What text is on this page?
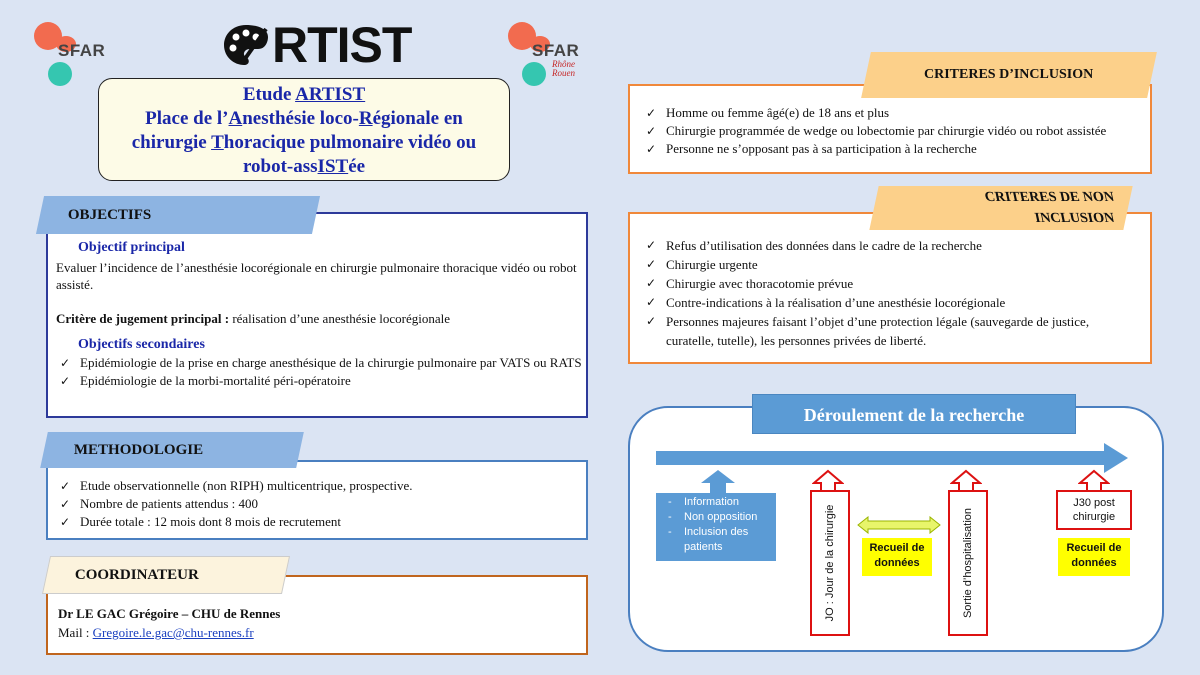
SFAR	RTIST	SFAR
Rhône Rouen
Etude ARTIST
Place de l’Anesthésie loco-Régionale en
chirurgie Thoracique pulmonaire vidéo ou
robot-assISTée
Objectif principal
Evaluer l’incidence de l’anesthésie locorégionale en chirurgie pulmonaire thoracique vidéo ou robot assisté.
Critère de jugement principal : réalisation d’une anesthésie locorégionale
Objectifs secondaires
✓ Epidémiologie de la prise en charge anesthésique de la chirurgie pulmonaire par VATS ou RATS
✓ Epidémiologie de la morbi-mortalité péri-opératoire
OBJECTIFS
✓ Etude observationnelle (non RIPH) multicentrique, prospective.
✓ Nombre de patients attendus : 400
✓ Durée totale : 12 mois dont 8 mois de recrutement
METHODOLOGIE
Dr LE GAC Grégoire – CHU de Rennes
Mail : Gregoire.le.gac@chu-rennes.fr
COORDINATEUR
✓ Homme ou femme âgé(e) de 18 ans et plus
✓ Chirurgie programmée de wedge ou lobectomie par chirurgie vidéo ou robot assistée
✓ Personne ne s’opposant pas à sa participation à la recherche
CRITERES D’INCLUSION
✓ Refus d’utilisation des données dans le cadre de la recherche
✓ Chirurgie urgente
✓ Chirurgie avec thoracotomie prévue
✓ Contre-indications à la réalisation d’une anesthésie locorégionale
✓ Personnes majeures faisant l’objet d’une protection légale (sauvegarde de justice, curatelle, tutelle), les personnes privées de liberté.
CRITERES DE NON
INCLUSION
Déroulement de la recherche
- Information
- Non opposition
- Inclusion des patients	JO : Jour de la chirurgie	Recueil de données	Sortie d’hospitalisation
J30 post chirurgie
Recueil de données
